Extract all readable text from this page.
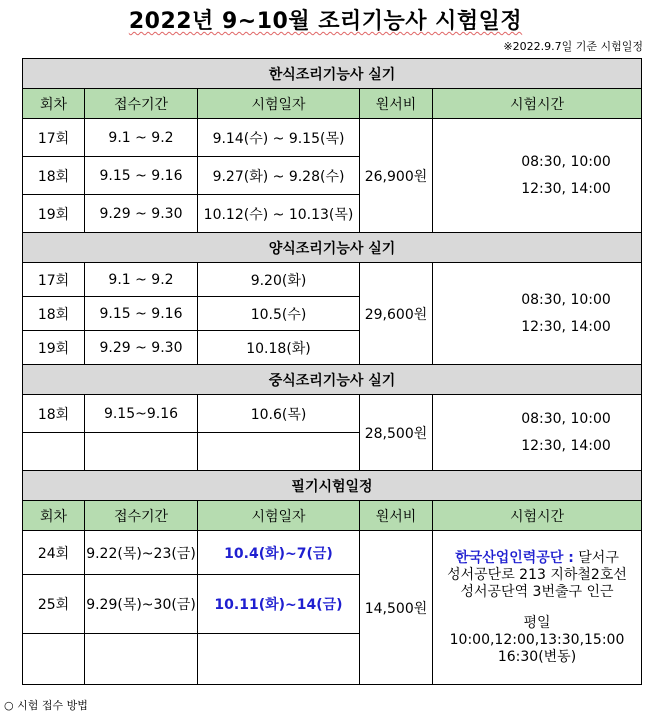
2022년 9~10월 조리기능사 시험일정
※2022.9.7일 기준 시험일정
한식조리기능사 실기				
회차	접수기간	시험일자	원서비	시험시간
17회	9.1 ~ 9.2	9.14(수) ~ 9.15(목)	26,900원	08:30, 10:00
12:30, 14:00

18회	9.15 ~ 9.16	9.27(화) ~ 9.28(수)		
19회	9.29 ~ 9.30	10.12(수) ~ 10.13(목)		
양식조리기능사 실기				
17회	9.1 ~ 9.2	9.20(화)	29,600원	08:30, 10:00
12:30, 14:00

18회	9.15 ~ 9.16	10.5(수)		
19회	9.29 ~ 9.30	10.18(화)		
중식조리기능사 실기				
18회	9.15~9.16	10.6(목)	28,500원	08:30, 10:00
12:30, 14:00

필기시험일정				
회차	접수기간	시험일자	원서비	시험시간
24회	9.22(목)~23(금)	10.4(화)~7(금)	14,500원	한국산업인력공단 : 달서구
성서공단로 213 지하철2호선
성서공단역 3번출구 인근
평일 10:00,12:00,13:30,15:00
16:30(변동)

25회	9.29(목)~30(금)	10.11(화)~14(금)		

○ 시험 접수 방법
